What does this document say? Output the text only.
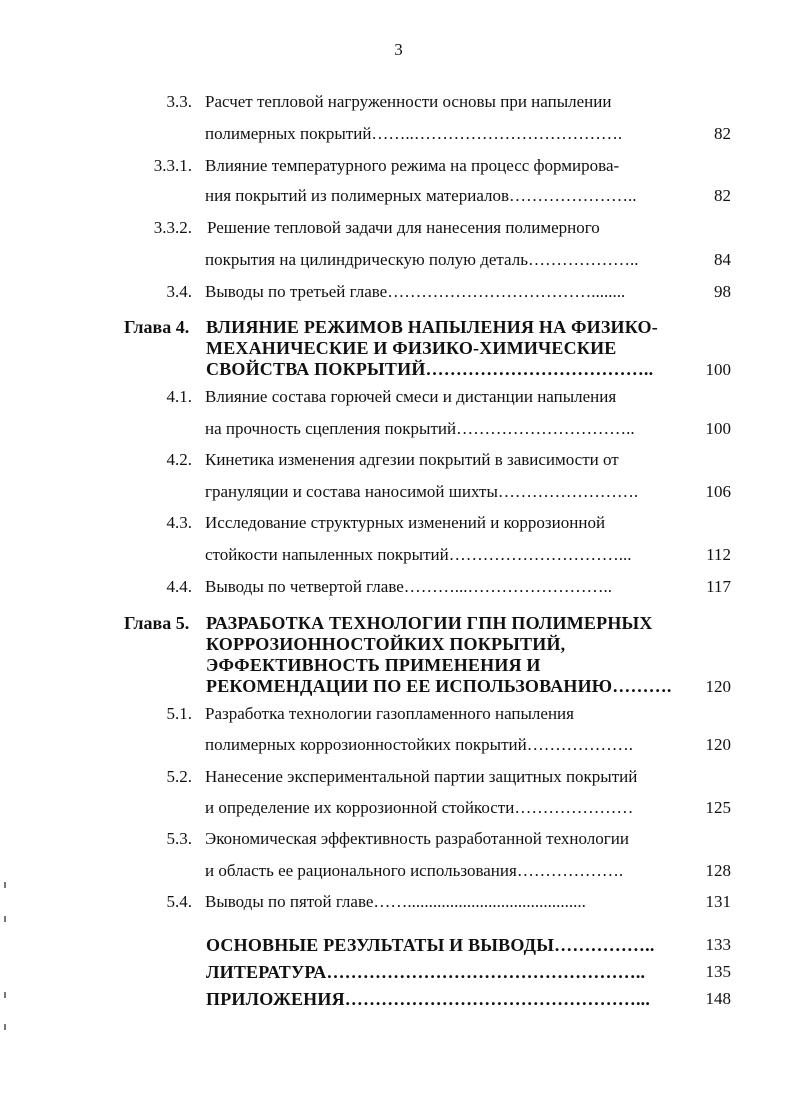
3
3.3. Расчет тепловой нагруженности основы при напылении
полимерных покрытий……..……………………………….	82
3.3.1. Влияние температурного режима на процесс формирова-
ния покрытий из полимерных материалов…………………..	82
3.3.2. Решение тепловой задачи для нанесения полимерного
покрытия на цилиндрическую полую деталь………………..	84
3.4. Выводы по третьей главе………………………………........	98
Глава 4. ВЛИЯНИЕ РЕЖИМОВ НАПЫЛЕНИЯ НА ФИЗИКО-
МЕХАНИЧЕСКИЕ И ФИЗИКО-ХИМИЧЕСКИЕ
СВОЙСТВА ПОКРЫТИЙ………………………………..	100
4.1. Влияние состава горючей смеси и дистанции напыления
на прочность сцепления покрытий…………………………..	100
4.2. Кинетика изменения адгезии покрытий в зависимости от
грануляции и состава наносимой шихты…………………….	106
4.3. Исследование структурных изменений и коррозионной
стойкости напыленных покрытий…………………………...	112
4.4. Выводы по четвертой главе………...……………………..	117
Глава 5. РАЗРАБОТКА ТЕХНОЛОГИИ ГПН ПОЛИМЕРНЫХ
КОРРОЗИОННОСТОЙКИХ ПОКРЫТИЙ,
ЭФФЕКТИВНОСТЬ ПРИМЕНЕНИЯ И
РЕКОМЕНДАЦИИ ПО ЕЕ ИСПОЛЬЗОВАНИЮ………. 120
5.1. Разработка технологии газопламенного напыления
полимерных коррозионностойких покрытий……………….	120
5.2. Нанесение экспериментальной партии защитных покрытий
и определение их коррозионной стойкости…………………	125
5.3. Экономическая эффективность разработанной технологии
и область ее рационального использования……………….	128
5.4. Выводы по пятой главе……..........................................	131
ОСНОВНЫЕ РЕЗУЛЬТАТЫ И ВЫВОДЫ……………..	133
ЛИТЕРАТУРА……………………………………………..	135
ПРИЛОЖЕНИЯ…………………………………………...	148
